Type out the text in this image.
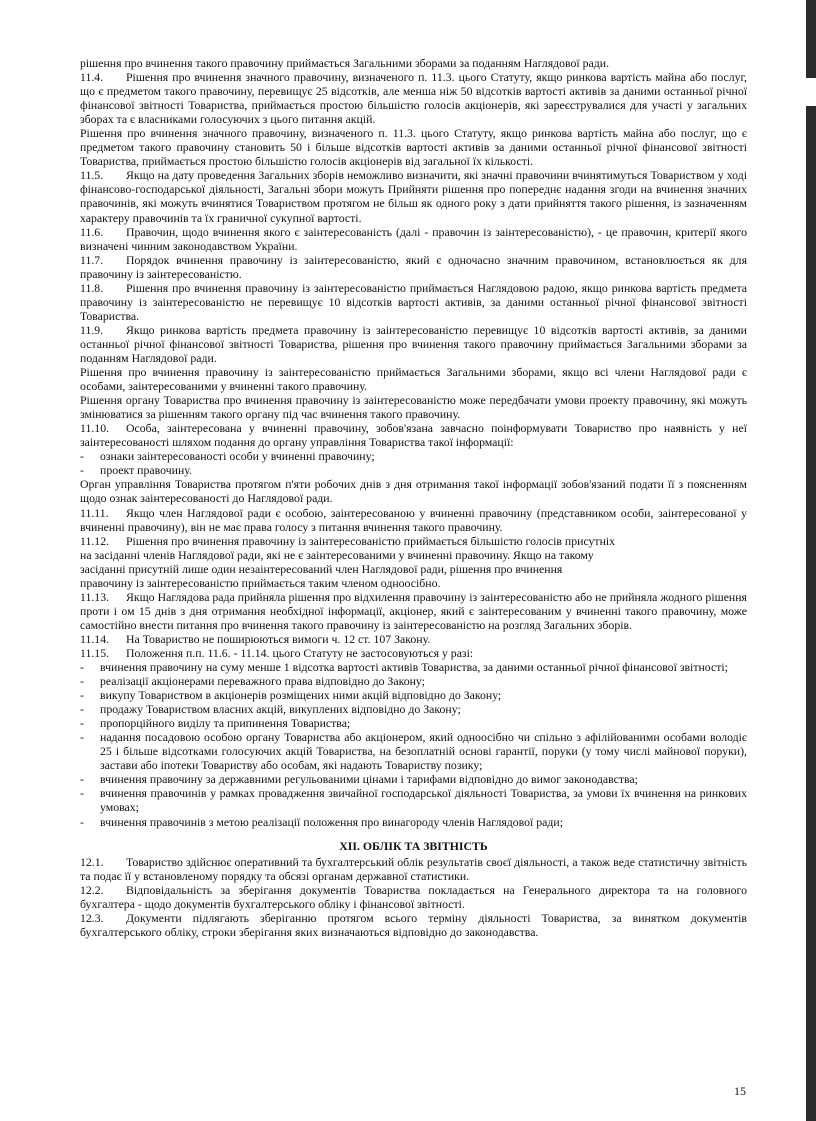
рішення про вчинення такого правочину приймається Загальними зборами за поданням Наглядової ради.

11.4. Рішення про вчинення значного правочину, визначеного п. 11.3. цього Статуту, якщо ринкова вартість майна або послуг, що є предметом такого правочину, перевищує 25 відсотків, але менша ніж 50 відсотків вартості активів за даними останньої річної фінансової звітності Товариства, приймається простою більшістю голосів акціонерів, які зареєструвалися для участі у загальних зборах та є власниками голосуючих з цього питання акцій.

Рішення про вчинення значного правочину, визначеного п. 11.3. цього Статуту, якщо ринкова вартість майна або послуг, що є предметом такого правочину становить 50 і більше відсотків вартості активів за даними останньої річної фінансової звітності Товариства, приймається простою більшістю голосів акціонерів від загальної їх кількості.

11.5. Якщо на дату проведення Загальних зборів неможливо визначити, які значні правочини вчинятимуться Товариством у ході фінансово-господарської діяльності, Загальні збори можуть Прийняти рішення про попереднє надання згоди на вчинення значних правочинів, які можуть вчинятися Товариством протягом не більш як одного року з дати прийняття такого рішення, із зазначенням характеру правочинів та їх граничної сукупної вартості.

11.6. Правочин, щодо вчинення якого є заінтересованість (далі - правочин із заінтересованістю), - це правочин, критерії якого визначені чинним законодавством України.

11.7. Порядок вчинення правочину із заінтересованістю, який є одночасно значним правочином, встановлюється як для правочину із заінтересованістю.

11.8. Рішення про вчинення правочину із заінтересованістю приймається Наглядовою радою, якщо ринкова вартість предмета правочину із заінтересованістю не перевищує 10 відсотків вартості активів, за даними останньої річної фінансової звітності Товариства.

11.9. Якщо ринкова вартість предмета правочину із заінтересованістю перевищує 10 відсотків вартості активів, за даними останньої річної фінансової звітності Товариства, рішення про вчинення такого правочину приймається Загальними зборами за поданням Наглядової ради.

Рішення про вчинення правочину із заінтересованістю приймається Загальними зборами, якщо всі члени Наглядової ради є особами, заінтересованими у вчиненні такого правочину.

Рішення органу Товариства про вчинення правочину із заінтересованістю може передбачати умови проекту правочину, які можуть змінюватися за рішенням такого органу під час вчинення такого правочину.

11.10. Особа, заінтересована у вчиненні правочину, зобов'язана завчасно поінформувати Товариство про наявність у неї заінтересованості шляхом подання до органу управління Товариства такої інформації:

-	ознаки заінтересованості особи у вчиненні правочину;
-	проект правочину.

Орган управління Товариства протягом п'яти робочих днів з дня отримання такої інформації зобов'язаний подати її з поясненням щодо ознак заінтересованості до Наглядової ради.

11.11. Якщо член Наглядової ради є особою, заінтересованою у вчиненні правочину (представником особи, заінтересованої у вчиненні правочину), він не має права голосу з питання вчинення такого правочину.

11.12. Рішення про вчинення правочину із заінтересованістю приймається більшістю голосів присутніх

на засіданні членів Наглядової ради, які не є заінтересованими у вчиненні правочину. Якщо на такому

засіданні присутній лише один незаінтересований член Наглядової ради, рішення про вчинення

правочину із заінтересованістю приймається таким членом одноосібно.

11.13. Якщо Наглядова рада прийняла рішення про відхилення правочину із заінтересованістю або не прийняла жодного рішення проти і ом 15 днів з дня отримання необхідної інформації, акціонер, який є заінтересованим у вчиненні такого правочину, може самостійно внести питання про вчинення такого правочину із заінтересованістю на розгляд Загальних зборів.

11.14. На Товариство не поширюються вимоги ч. 12 ст. 107 Закону.

11.15. Положення п.п. 11.6. - 11.14. цього Статуту не застосовуються у разі:

-	вчинення правочину на суму менше 1 відсотка вартості активів Товариства, за даними останньої річної фінансової звітності;
-	реалізації акціонерами переважного права відповідно до Закону;
-	викупу Товариством в акціонерів розміщених ними акцій відповідно до Закону;
-	продажу Товариством власних акцій, викуплених відповідно до Закону;
-	пропорційного виділу та припинення Товариства;
-	надання посадовою особою органу Товариства або акціонером, який одноосібно чи спільно з афілійованими особами володіє 25 і більше відсотками голосуючих акцій Товариства, на безоплатній основі гарантії, поруки (у тому числі майнової поруки), застави або іпотеки Товариству або особам, які надають Товариству позику;
-	вчинення правочину за державними регульованими цінами і тарифами відповідно до вимог законодавства;
-	вчинення правочинів у рамках провадження звичайної господарської діяльності Товариства, за умови їх вчинення на ринкових умовах;
-	вчинення правочинів з метою реалізації положення про винагороду членів Наглядової ради;
XII. ОБЛІК ТА ЗВІТНІСТЬ

12.1. Товариство здійснює оперативний та бухгалтерський облік результатів своєї діяльності, а також веде статистичну звітність та подає її у встановленому порядку та обсязі органам державної статистики.

12.2. Відповідальність за зберігання документів Товариства покладається на Генерального директора та на головного бухгалтера - щодо документів бухгалтерського обліку і фінансової звітності.

12.3. Документи підлягають зберіганню протягом всього терміну діяльності Товариства, за винятком документів бухгалтерського обліку, строки зберігання яких визначаються відповідно до законодавства.

15
